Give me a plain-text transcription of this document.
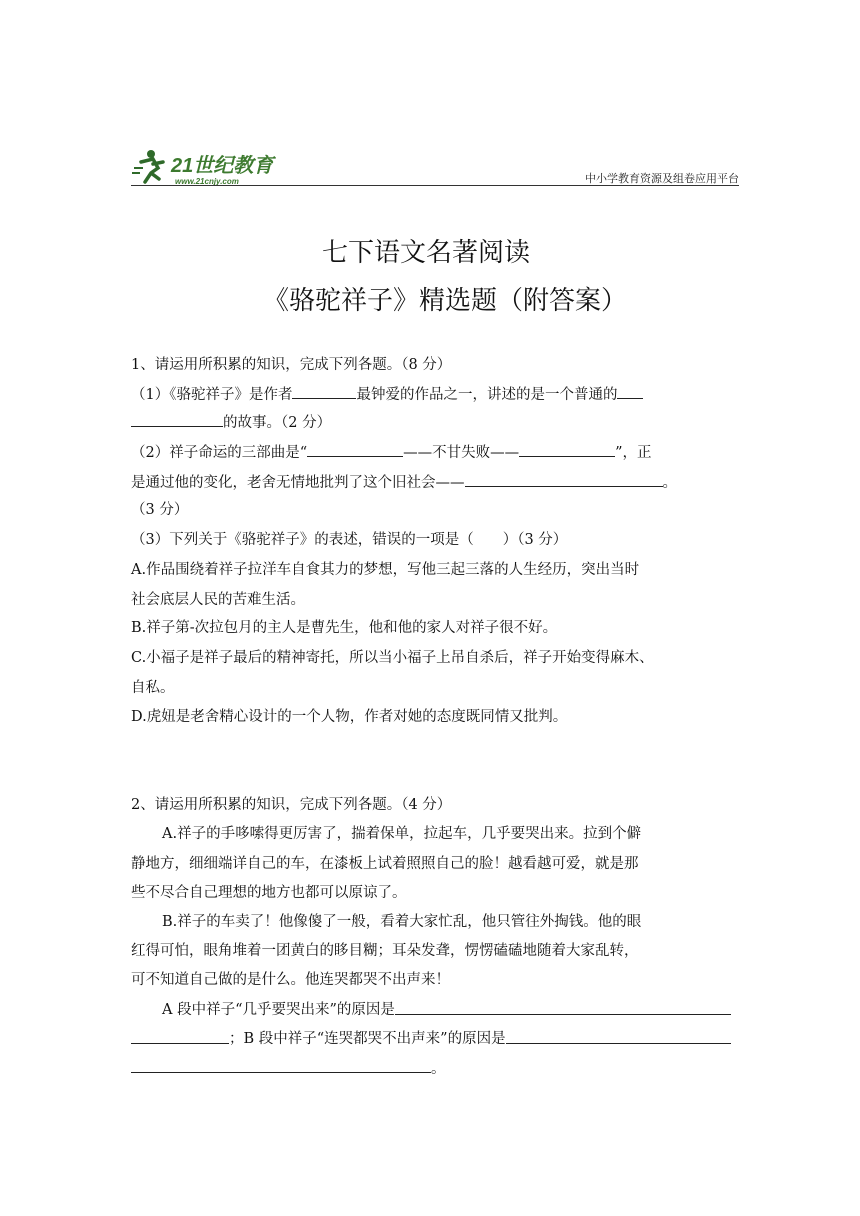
21世纪教育
www.21cnjy.com	中小学教育资源及组卷应用平台
七下语文名著阅读
《骆驼祥子》精选题（附答案）
1、请运用所积累的知识，完成下列各题。（8 分）
（1）《骆驼祥子》是作者	最钟爱的作品之一，讲述的是一个普通的
的故事。（2 分）
（2）祥子命运的三部曲是“	——不甘失败——	”，正
是通过他的变化，老舍无情地批判了这个旧社会——	。
（3 分）
（3）下列关于《骆驼祥子》的表述，错误的一项是（　　）（3 分）
A.作品围绕着祥子拉洋车自食其力的梦想，写他三起三落的人生经历，突出当时
社会底层人民的苦难生活。
B.祥子第-次拉包月的主人是曹先生，他和他的家人对祥子很不好。
C.小福子是祥子最后的精神寄托，所以当小福子上吊自杀后，祥子开始变得麻木、
自私。
D.虎妞是老舍精心设计的一个人物，作者对她的态度既同情又批判。
2、请运用所积累的知识，完成下列各题。（4 分）
A.祥子的手哆嗦得更厉害了，揣着保单，拉起车，几乎要哭出来。拉到个僻
静地方，细细端详自己的车，在漆板上试着照照自己的脸！越看越可爱，就是那
些不尽合自己理想的地方也都可以原谅了。
B.祥子的车卖了！他像傻了一般，看着大家忙乱，他只管往外掏钱。他的眼
红得可怕，眼角堆着一团黄白的眵目糊；耳朵发聋，愣愣磕磕地随着大家乱转，
可不知道自己做的是什么。他连哭都哭不出声来！
A 段中祥子“几乎要哭出来”的原因是
；B 段中祥子“连哭都哭不出声来”的原因是
。
